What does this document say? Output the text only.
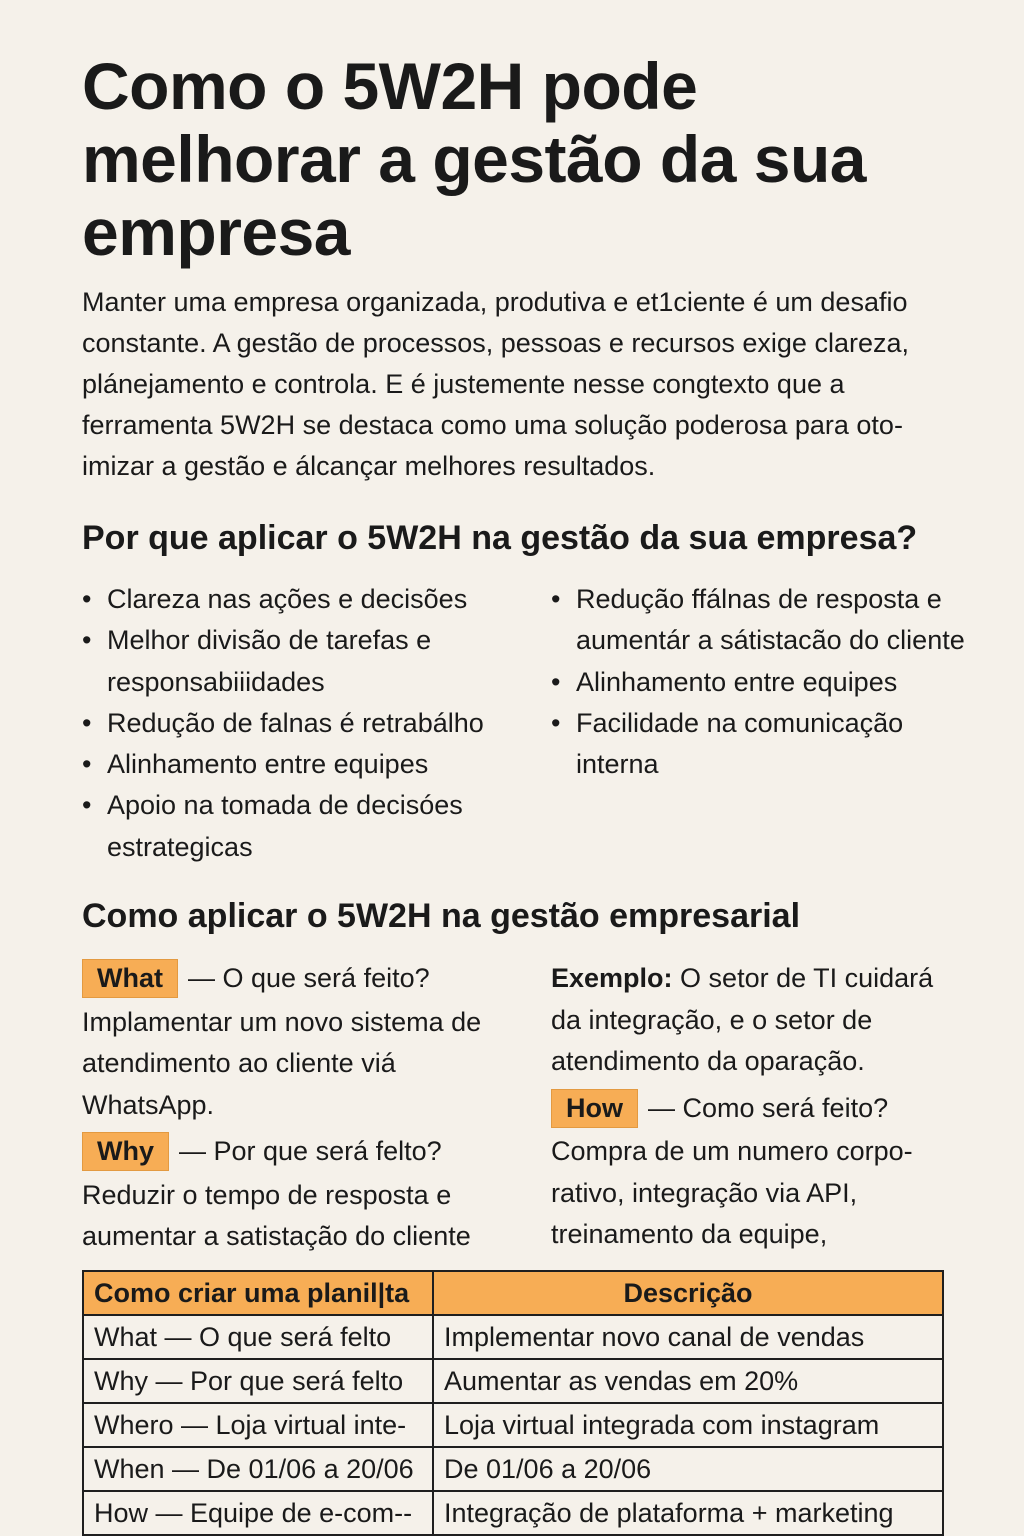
Como o 5W2H pode melhorar a gestão da sua empresa

Manter uma empresa organizada, produtiva e et1ciente é um desafio constante. A gestão de processos, pessoas e recursos exige clareza, plánejamento e controla. E é justemente nesse congtexto que a ferramenta 5W2H se destaca como uma solução poderosa para oto-imizar a gestão e álcançar melhores resultados.

Por que aplicar o 5W2H na gestão da sua empresa?
• Clareza nas ações e decisões
• Melhor divisão de tarefas e responsabiiidades
• Redução de falnas é retrabálho
• Alinhamento entre equipes
• Apoio na tomada de decisóes estrategicas
• Redução ffálnas de resposta e aumentár a sátistacão do cliente
• Alinhamento entre equipes
• Facilidade na comunicação interna
Como aplicar o 5W2H na gestão empresarial
What — O que será feito?
Implamentar um novo sistema de atendimento ao cliente viá WhatsApp.
Why — Por que será felto?
Reduzir o tempo de resposta e aumentar a satistação do cliente
Exemplo: O setor de TI cuidará da integração, e o setor de atendimento da oparação.
How — Como será feito?
Compra de um numero corpo-rativo, integração via API, treinamento da equipe,
Como criar uma planil|ta	Descrição
What — O que será felto	Implementar novo canal de vendas
Why — Por que será felto	Aumentar as vendas em 20%
Whero — Loja virtual inte-	Loja virtual integrada com instagram
When — De 01/06 a 20/06	De 01/06 a 20/06
How — Equipe de e-com--	Integração de plataforma + marketing
